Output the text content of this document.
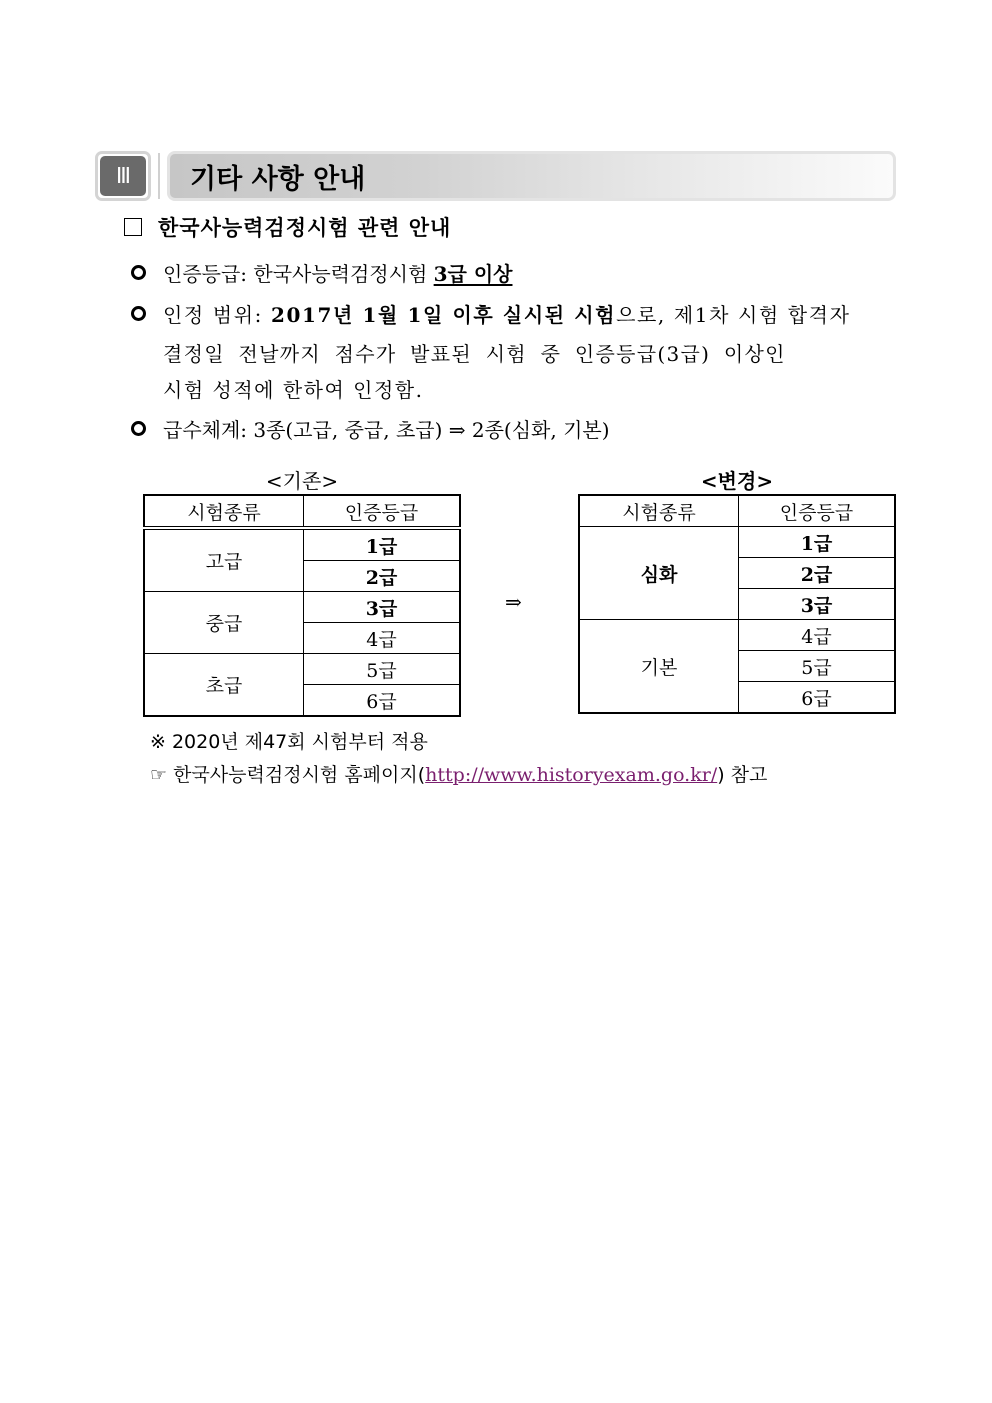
Ⅲ	기타 사항 안내
한국사능력검정시험 관련 안내
인증등급: 한국사능력검정시험 3급 이상
인정 범위: 2017년 1월 1일 이후 실시된 시험으로, 제1차 시험 합격자
결정일 전날까지 점수가 발표된 시험 중 인증등급(3급) 이상인
시험 성적에 한하여 인정함.
급수체계: 3종(고급, 중급, 초급) ⇒ 2종(심화, 기본)
<기존>	<변경>
⇒
시험종류	인증등급
고급	1급
	2급
중급	3급
	4급
초급	5급
	6급
시험종류	인증등급
심화	1급
	2급
	3급
기본	4급
	5급
	6급
※ 2020년 제47회 시험부터 적용
☞ 한국사능력검정시험 홈페이지(http://www.historyexam.go.kr/) 참고
